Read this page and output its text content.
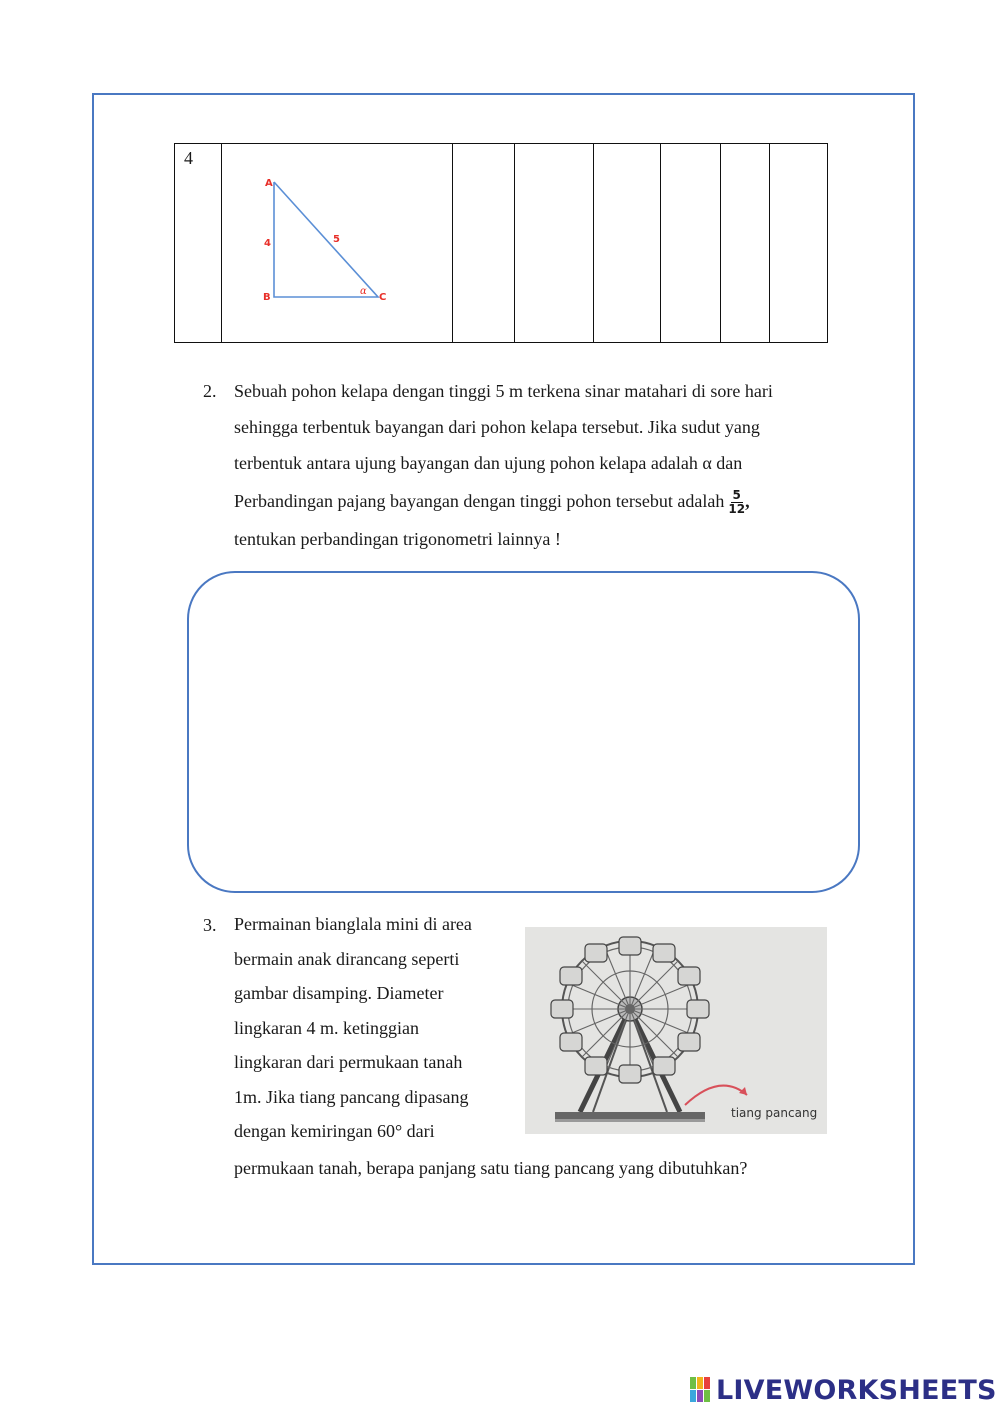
4

A
B	C
4	5
α

2. Sebuah pohon kelapa dengan tinggi 5 m terkena sinar matahari di sore hari
sehingga terbentuk bayangan dari pohon kelapa tersebut. Jika sudut yang
terbentuk antara ujung bayangan dan ujung pohon kelapa adalah α dan
Perbandingan pajang bayangan dengan tinggi pohon tersebut adalah $\frac{5}{12}$ ,
tentukan perbandingan trigonometri lainnya !
3. Permainan bianglala mini di area
bermain anak dirancang seperti
gambar disamping. Diameter
lingkaran 4 m. ketinggian
lingkaran dari permukaan tanah
1m. Jika tiang pancang dipasang
dengan kemiringan 60° dari
permukaan tanah, berapa panjang satu tiang pancang yang dibutuhkan?
tiang pancang
LIVEWORKSHEETS
